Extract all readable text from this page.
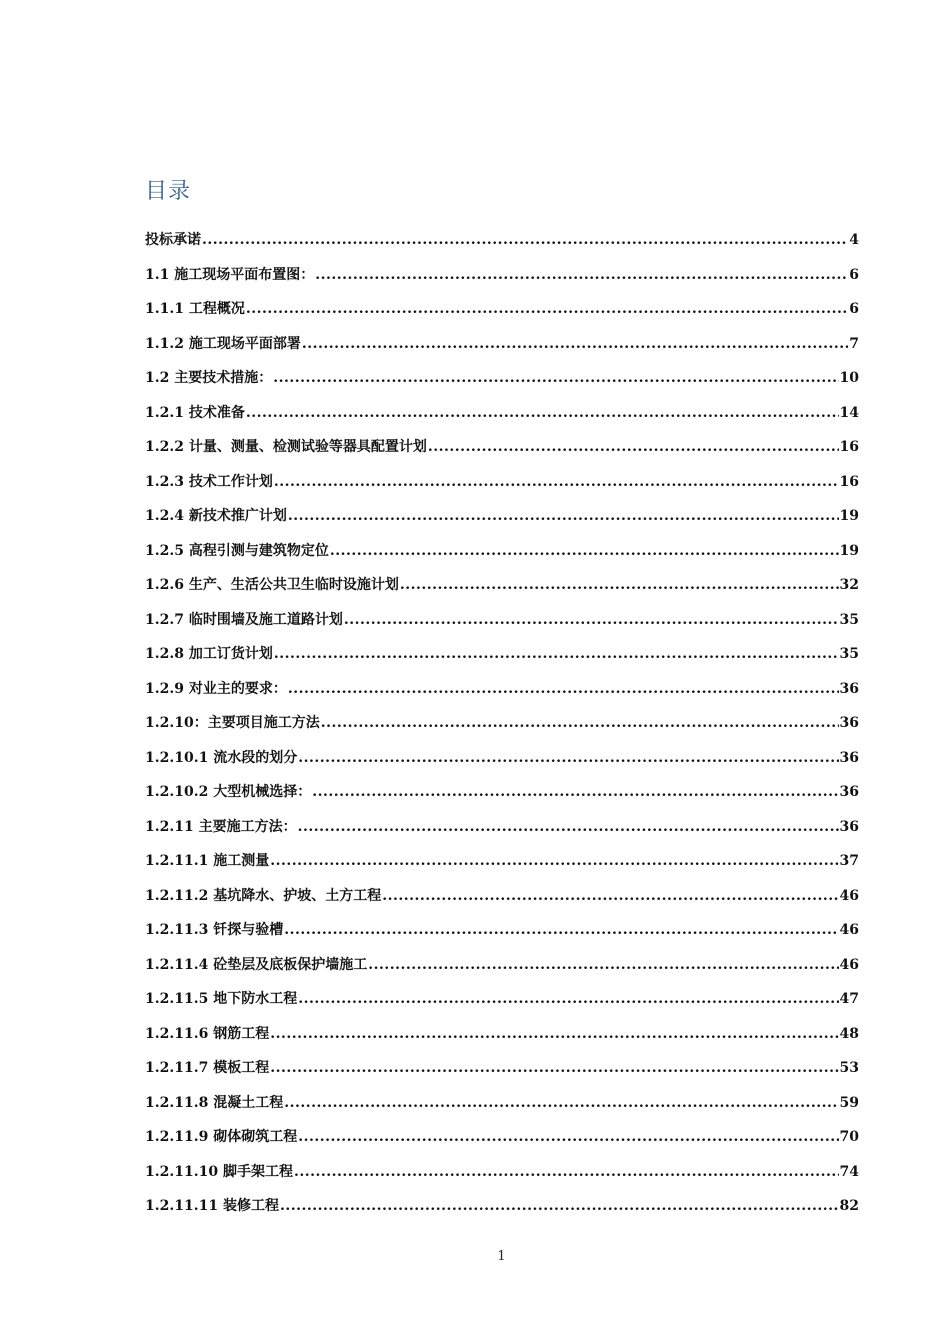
目录
投标承诺 .....	4
1.1 施工现场平面布置图： .....	6
1.1.1 工程概况 .....	6
1.1.2 施工现场平面部署 .....	7
1.2 主要技术措施： .....	10
1.2.1 技术准备 .....	14
1.2.2 计量、测量、检测试验等器具配置计划 .....	16
1.2.3 技术工作计划 .....	16
1.2.4 新技术推广计划 .....	19
1.2.5 高程引测与建筑物定位 .....	19
1.2.6 生产、生活公共卫生临时设施计划 .....	32
1.2.7 临时围墙及施工道路计划 .....	35
1.2.8 加工订货计划 .....	35
1.2.9 对业主的要求： .....	36
1.2.10：主要项目施工方法 .....	36
1.2.10.1 流水段的划分 .....	36
1.2.10.2 大型机械选择： .....	36
1.2.11 主要施工方法： .....	36
1.2.11.1 施工测量 .....	37
1.2.11.2 基坑降水、护坡、土方工程 .....	46
1.2.11.3 钎探与验槽 .....	46
1.2.11.4 砼垫层及底板保护墙施工 .....	46
1.2.11.5 地下防水工程 .....	47
1.2.11.6 钢筋工程 .....	48
1.2.11.7 模板工程 .....	53
1.2.11.8 混凝土工程 .....	59
1.2.11.9 砌体砌筑工程 .....	70
1.2.11.10 脚手架工程 .....	74
1.2.11.11 装修工程 .....	82
1
